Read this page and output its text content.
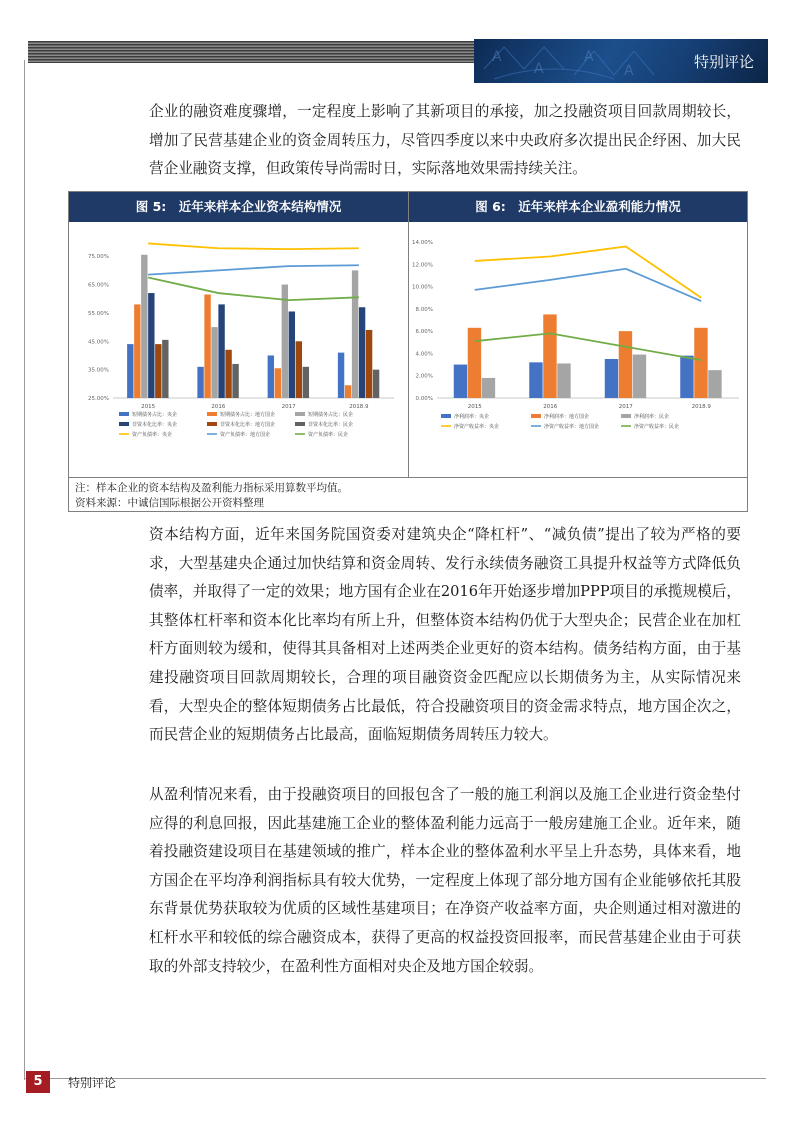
A
A
A
A	特别评论

企业的融资难度骤增，一定程度上影响了其新项目的承接，加之投融资项目回款周期较长，增加了民营基建企业的资金周转压力，尽管四季度以来中央政府多次提出民企纾困、加大民营企业融资支撑，但政策传导尚需时日，实际落地效果需持续关注。

图 5:　近年来样本企业资本结构情况	图 6:　近年来样本企业盈利能力情况
75.00%
65.00%
55.00%
45.00%
35.00%
25.00%
2015	2016	2017	2018.9
短期债务占比：央企	短期债务占比：地方国企	短期债务占比：民企
非资本化比率：央企	非资本化比率：地方国企	非资本化比率：民企
资产负债率：央企	资产负债率：地方国企	资产负债率：民企
14.00%
12.00%
10.00%
8.00%
6.00%
4.00%
2.00%
0.00%
2015	2016	2017	2018.9
净利润率：央企	净利润率：地方国企	净利润率：民企
净资产收益率：央企	净资产收益率：地方国企	净资产收益率：民企
注：样本企业的资本结构及盈利能力指标采用算数平均值。
资料来源：中诚信国际根据公开资料整理

资本结构方面，近年来国务院国资委对建筑央企“降杠杆”、“减负债”提出了较为严格的要求，大型基建央企通过加快结算和资金周转、发行永续债务融资工具提升权益等方式降低负债率，并取得了一定的效果；地方国有企业在2016年开始逐步增加PPP项目的承揽规模后，其整体杠杆率和资本化比率均有所上升，但整体资本结构仍优于大型央企；民营企业在加杠杆方面则较为缓和，使得其具备相对上述两类企业更好的资本结构。债务结构方面，由于基建投融资项目回款周期较长，合理的项目融资资金匹配应以长期债务为主，从实际情况来看，大型央企的整体短期债务占比最低，符合投融资项目的资金需求特点，地方国企次之，而民营企业的短期债务占比最高，面临短期债务周转压力较大。

从盈利情况来看，由于投融资项目的回报包含了一般的施工利润以及施工企业进行资金垫付应得的利息回报，因此基建施工企业的整体盈利能力远高于一般房建施工企业。近年来，随着投融资建设项目在基建领域的推广，样本企业的整体盈利水平呈上升态势，具体来看，地方国企在平均净利润指标具有较大优势，一定程度上体现了部分地方国有企业能够依托其股东背景优势获取较为优质的区域性基建项目；在净资产收益率方面，央企则通过相对激进的杠杆水平和较低的综合融资成本，获得了更高的权益投资回报率，而民营基建企业由于可获取的外部支持较少，在盈利性方面相对央企及地方国企较弱。

5	特别评论
